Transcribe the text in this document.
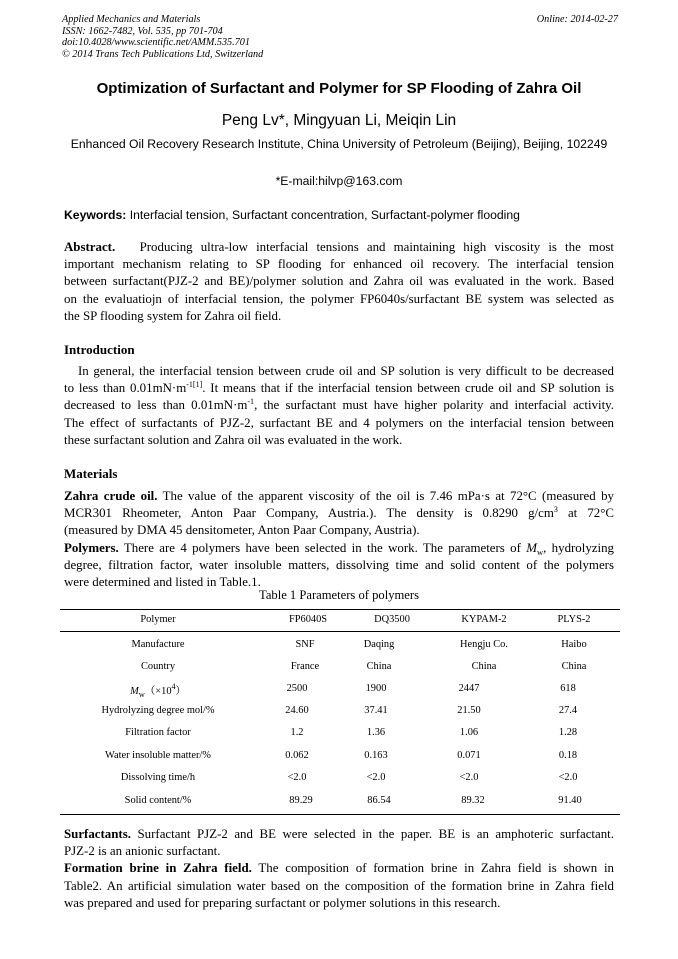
Applied Mechanics and Materials
ISSN: 1662-7482, Vol. 535, pp 701-704
doi:10.4028/www.scientific.net/AMM.535.701
© 2014 Trans Tech Publications Ltd, Switzerland
Online: 2014-02-27
Optimization of Surfactant and Polymer for SP Flooding of Zahra Oil
Peng Lv*, Mingyuan Li, Meiqin Lin
Enhanced Oil Recovery Research Institute, China University of Petroleum (Beijing), Beijing, 102249
*E-mail:hilvp@163.com
Keywords: Interfacial tension, Surfactant concentration, Surfactant-polymer flooding
Abstract. Producing ultra-low interfacial tensions and maintaining high viscosity is the most
important mechanism relating to SP flooding for enhanced oil recovery. The interfacial tension
between surfactant(PJZ-2 and BE)/polymer solution and Zahra oil was evaluated in the work. Based
on the evaluatiojn of interfacial tension, the polymer FP6040s/surfactant BE system was selected as
the SP flooding system for Zahra oil field.
Introduction
In general, the interfacial tension between crude oil and SP solution is very difficult to be decreased
to less than $0.01mN\cdot m^{-1[1]}$. It means that if the interfacial tension between crude oil and SP solution is
decreased to less than $0.01mN\cdot m^{-1}$, the surfactant must have higher polarity and interfacial activity.
The effect of surfactants of PJZ-2, surfactant BE and 4 polymers on the interfacial tension between
these surfactant solution and Zahra oil was evaluated in the work.
Materials
Zahra crude oil. The value of the apparent viscosity of the oil is 7.46 mPa·s at 72°C (measured by
MCR301 Rheometer, Anton Paar Company, Austria.). The density is 0.8290 $g/cm^3$ at 72°C
(measured by DMA 45 densitometer, Anton Paar Company, Austria).
Polymers. There are 4 polymers have been selected in the work. The parameters of $M_w$, hydrolyzing
degree, filtration factor, water insoluble matters, dissolving time and solid content of the polymers
were determined and listed in Table.1.
Table 1 Parameters of polymers
Polymer	FP6040S	DQ3500	KYPAM-2	PLYS-2
Manufacture	SNF	Daqing	Hengju Co.	Haibo
Country	France	China	China	China
$M_w(\times 10^4)$	2500	1900	2447	618
Hydrolyzing degree mol/%	24.60	37.41	21.50	27.4
Filtration factor	1.2	1.36	1.06	1.28
Water insoluble matter/%	0.062	0.163	0.071	0.18
Dissolving time/h	<2.0	<2.0	<2.0	<2.0
Solid content/%	89.29	86.54	89.32	91.40
Surfactants. Surfactant PJZ-2 and BE were selected in the paper. BE is an amphoteric surfactant.
PJZ-2 is an anionic surfactant.
Formation brine in Zahra field. The composition of formation brine in Zahra field is shown in
Table2. An artificial simulation water based on the composition of the formation brine in Zahra field
was prepared and used for preparing surfactant or polymer solutions in this research.
